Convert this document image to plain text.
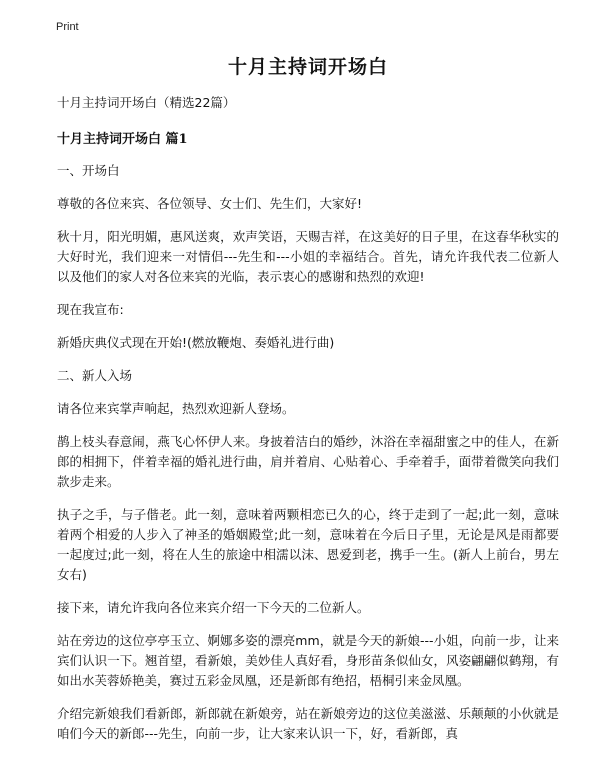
Print
十月主持词开场白
十月主持词开场白（精选22篇）
十月主持词开场白 篇1
一、开场白
尊敬的各位来宾、各位领导、女士们、先生们，大家好!
秋十月，阳光明媚，惠风送爽，欢声笑语，天赐吉祥，在这美好的日子里，在这春华秋实的大好时光，我们迎来一对情侣---先生和---小姐的幸福结合。首先，请允许我代表二位新人以及他们的家人对各位来宾的光临，表示衷心的感谢和热烈的欢迎!
现在我宣布:
新婚庆典仪式现在开始!(燃放鞭炮、奏婚礼进行曲)
二、新人入场
请各位来宾掌声响起，热烈欢迎新人登场。
鹊上枝头春意闹，燕飞心怀伊人来。身披着洁白的婚纱，沐浴在幸福甜蜜之中的佳人，在新郎的相拥下，伴着幸福的婚礼进行曲，肩并着肩、心贴着心、手牵着手，面带着微笑向我们款步走来。
执子之手，与子偕老。此一刻，意味着两颗相恋已久的心，终于走到了一起;此一刻，意味着两个相爱的人步入了神圣的婚姻殿堂;此一刻，意味着在今后日子里，无论是风是雨都要一起度过;此一刻，将在人生的旅途中相濡以沫、恩爱到老，携手一生。(新人上前台，男左女右)
接下来，请允许我向各位来宾介绍一下今天的二位新人。
站在旁边的这位亭亭玉立、婀娜多姿的漂亮mm，就是今天的新娘---小姐，向前一步，让来宾们认识一下。翘首望，看新娘，美妙佳人真好看，身形苗条似仙女，风姿翩翩似鹤翔，有如出水芙蓉娇艳美，赛过五彩金凤凰，还是新郎有绝招，梧桐引来金凤凰。
介绍完新娘我们看新郎，新郎就在新娘旁，站在新娘旁边的这位美滋滋、乐颠颠的小伙就是咱们今天的新郎---先生，向前一步，让大家来认识一下，好，看新郎，真
